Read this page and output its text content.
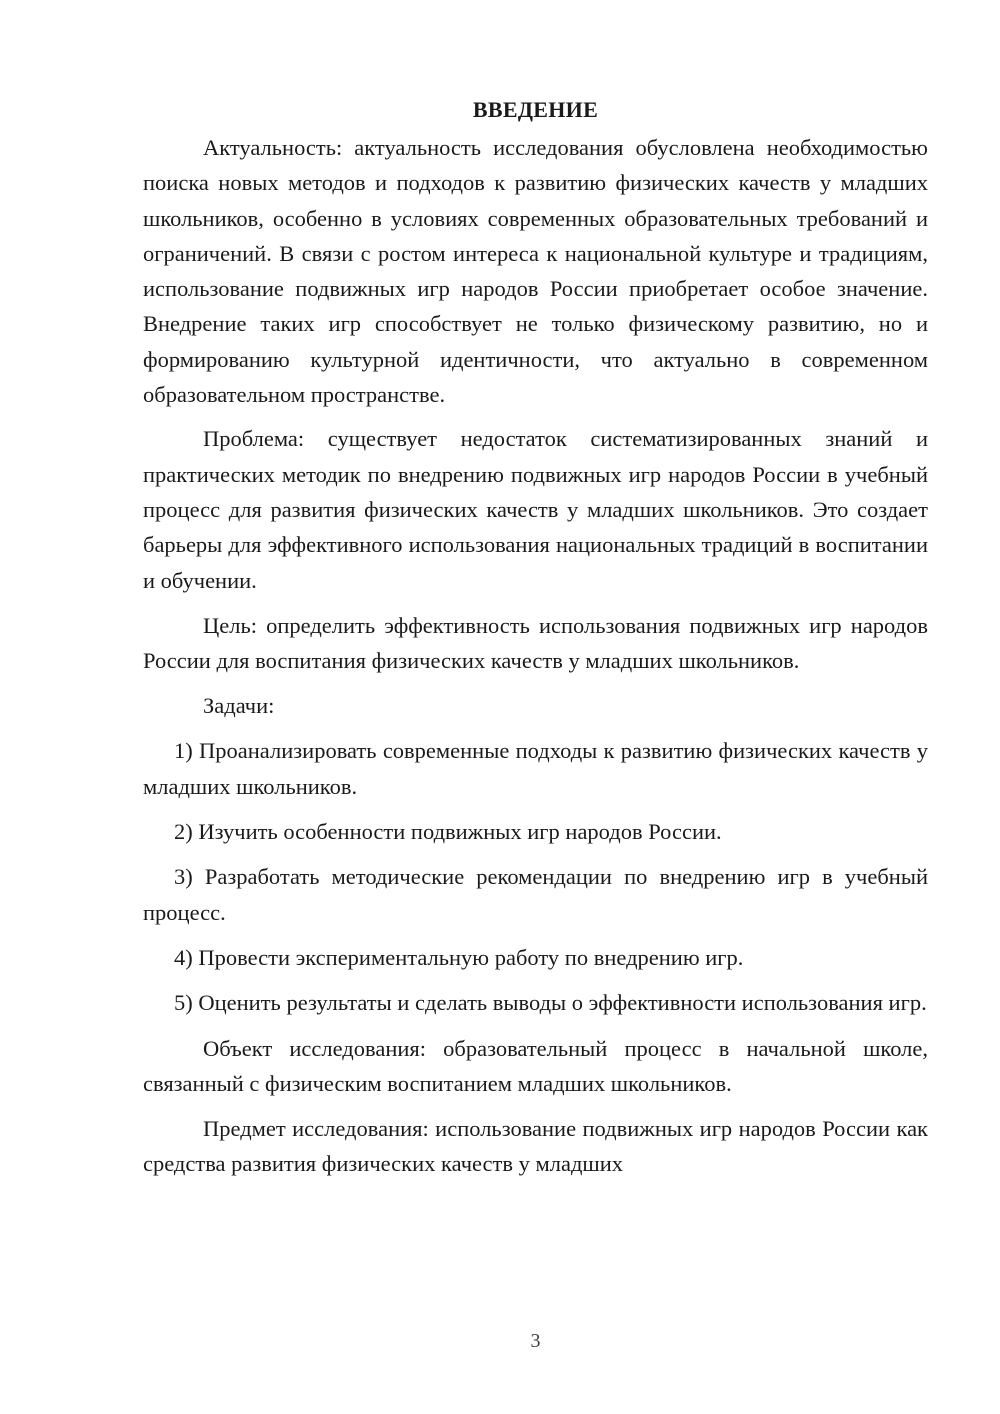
ВВЕДЕНИЕ

Актуальность: актуальность исследования обусловлена необходимостью поиска новых методов и подходов к развитию физических качеств у младших школьников, особенно в условиях современных образовательных требований и ограничений. В связи с ростом интереса к национальной культуре и традициям, использование подвижных игр народов России приобретает особое значение. Внедрение таких игр способствует не только физическому развитию, но и формированию культурной идентичности, что актуально в современном образовательном пространстве.

Проблема: существует недостаток систематизированных знаний и практических методик по внедрению подвижных игр народов России в учебный процесс для развития физических качеств у младших школьников. Это создает барьеры для эффективного использования национальных традиций в воспитании и обучении.

Цель: определить эффективность использования подвижных игр народов России для воспитания физических качеств у младших школьников.

Задачи:

1) Проанализировать современные подходы к развитию физических качеств у младших школьников.

2) Изучить особенности подвижных игр народов России.

3) Разработать методические рекомендации по внедрению игр в учебный процесс.

4) Провести экспериментальную работу по внедрению игр.

5) Оценить результаты и сделать выводы о эффективности использования игр.

Объект исследования: образовательный процесс в начальной школе, связанный с физическим воспитанием младших школьников.

Предмет исследования: использование подвижных игр народов России как средства развития физических качеств у младших

3
